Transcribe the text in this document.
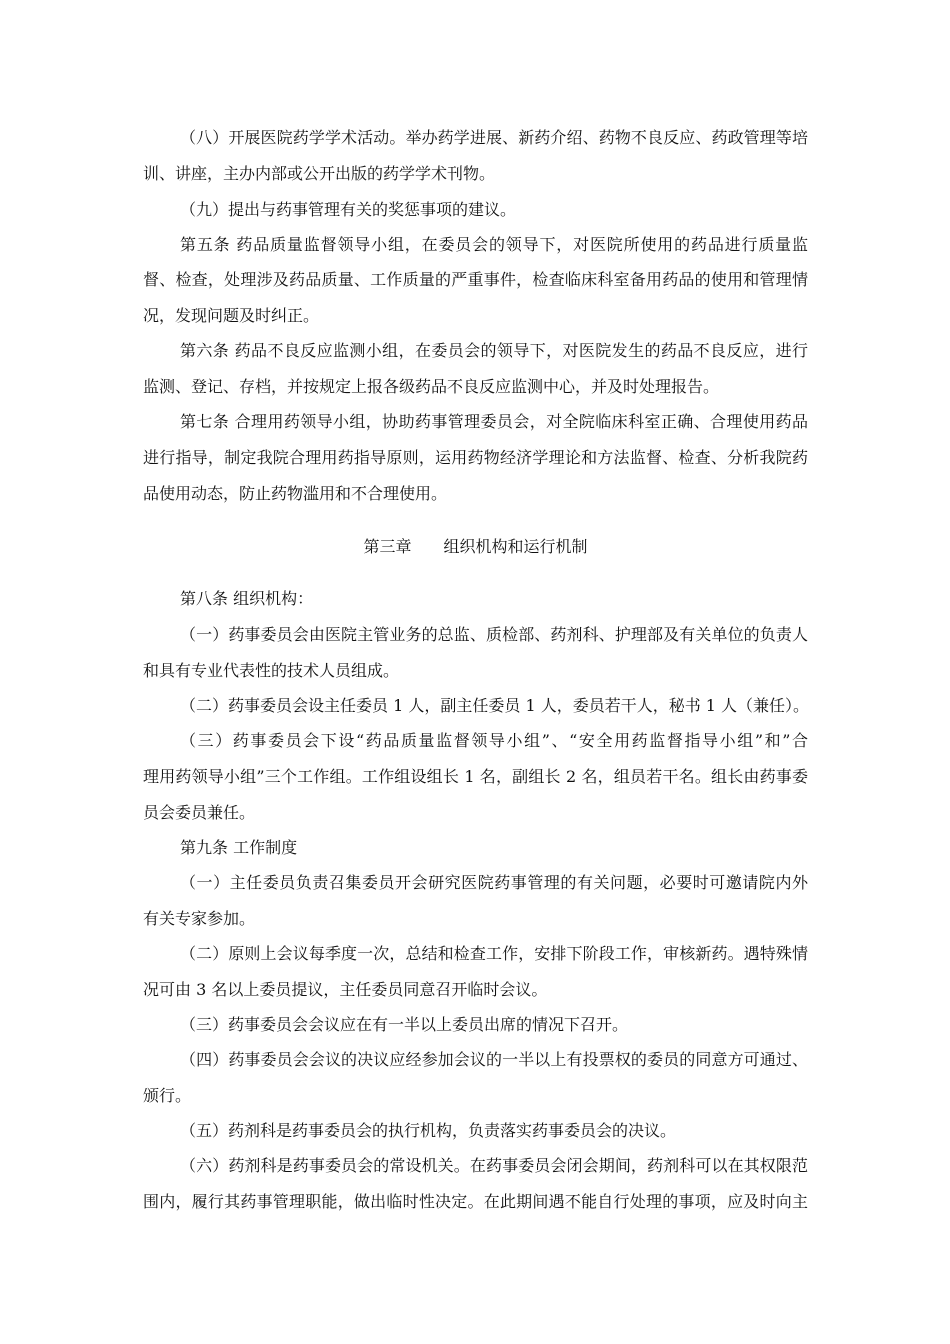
（八）开展医院药学学术活动。举办药学进展、新药介绍、药物不良反应、药政管理等培
训、讲座，主办内部或公开出版的药学学术刊物。
（九）提出与药事管理有关的奖惩事项的建议。
第五条 药品质量监督领导小组，在委员会的领导下，对医院所使用的药品进行质量监
督、检查，处理涉及药品质量、工作质量的严重事件，检查临床科室备用药品的使用和管理情
况，发现问题及时纠正。
第六条 药品不良反应监测小组，在委员会的领导下，对医院发生的药品不良反应，进行
监测、登记、存档，并按规定上报各级药品不良反应监测中心，并及时处理报告。
第七条 合理用药领导小组，协助药事管理委员会，对全院临床科室正确、合理使用药品
进行指导，制定我院合理用药指导原则，运用药物经济学理论和方法监督、检查、分析我院药
品使用动态，防止药物滥用和不合理使用。
第三章　　组织机构和运行机制
第八条 组织机构：
（一）药事委员会由医院主管业务的总监、质检部、药剂科、护理部及有关单位的负责人
和具有专业代表性的技术人员组成。
（二）药事委员会设主任委员 1 人，副主任委员 1 人，委员若干人，秘书 1 人（兼任）。
（三）药事委员会下设“药品质量监督领导小组”、“安全用药监督指导小组”和”合
理用药领导小组”三个工作组。工作组设组长 1 名，副组长 2 名，组员若干名。组长由药事委
员会委员兼任。
第九条 工作制度
（一）主任委员负责召集委员开会研究医院药事管理的有关问题，必要时可邀请院内外
有关专家参加。
（二）原则上会议每季度一次，总结和检查工作，安排下阶段工作，审核新药。遇特殊情
况可由 3 名以上委员提议，主任委员同意召开临时会议。
（三）药事委员会会议应在有一半以上委员出席的情况下召开。
（四）药事委员会会议的决议应经参加会议的一半以上有投票权的委员的同意方可通过、
颁行。
（五）药剂科是药事委员会的执行机构，负责落实药事委员会的决议。
（六）药剂科是药事委员会的常设机关。在药事委员会闭会期间，药剂科可以在其权限范
围内，履行其药事管理职能，做出临时性决定。在此期间遇不能自行处理的事项，应及时向主
